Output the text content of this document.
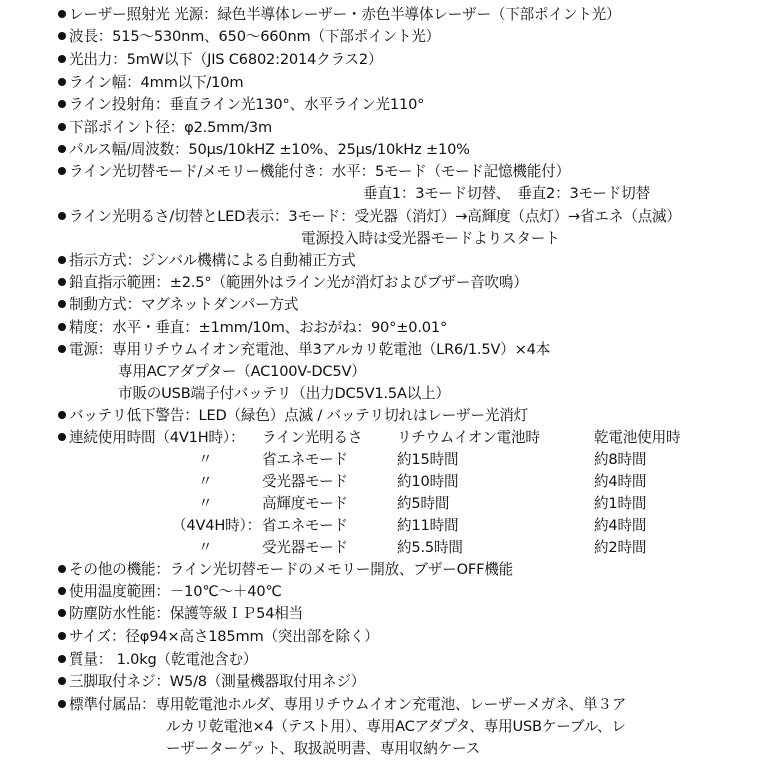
レーザー照射光 光源：緑色半導体レーザー・赤色半導体レーザー（下部ポイント光）
波長：515～530nm、650～660nm（下部ポイント光）
光出力：5mW以下（JIS C6802:2014クラス2）
ライン幅：4mm以下/10m
ライン投射角：垂直ライン光130°、水平ライン光110°
下部ポイント径：φ2.5mm/3m
パルス幅/周波数：50μs/10kHZ ±10%、25μs/10kHz ±10%
ライン光切替モード/メモリー機能付き：水平：5モード（モード記憶機能付）
垂直1：3モード切替、　垂直2：3モード切替
ライン光明るさ/切替とLED表示：3モード：受光器（消灯）→高輝度（点灯）→省エネ（点滅）
電源投入時は受光器モードよりスタート
指示方式：ジンバル機構による自動補正方式
鉛直指示範囲：±2.5°（範囲外はライン光が消灯およびブザー音吹鳴）
制動方式：マグネットダンパー方式
精度：水平・垂直：±1mm/10m、おおがね：90°±0.01°
電源：専用リチウムイオン充電池、単3アルカリ乾電池（LR6/1.5V）×4本
専用ACアダプター（AC100V-DC5V）
市販のUSB端子付バッテリ（出力DC5V1.5A以上）
バッテリ低下警告：LED（緑色）点滅 / バッテリ切れはレーザー光消灯
連続使用時間（4V1H時）： ライン光明るさ リチウムイオン電池時	乾電池使用時
〃	省エネモード	約15時間	約8時間
〃	受光器モード	約10時間	約4時間
〃	高輝度モード	約5時間	約1時間
（4V4H時）： 省エネモード	約11時間	約4時間
〃	受光器モード	約5.5時間	約2時間
その他の機能：ライン光切替モードのメモリー開放、ブザーOFF機能
使用温度範囲：－10℃～＋40℃
防塵防水性能：保護等級ＩＰ54相当
サイズ：径φ94×高さ185mm（突出部を除く）
質量： 1.0kg（乾電池含む）
三脚取付ネジ：W5/8（測量機器取付用ネジ）
標準付属品：専用乾電池ホルダ、専用リチウムイオン充電池、レーザーメガネ、単３ア
ルカリ乾電池×4（テスト用）、専用ACアダプタ、専用USBケーブル、レ
ーザーターゲット、取扱説明書、専用収納ケース
